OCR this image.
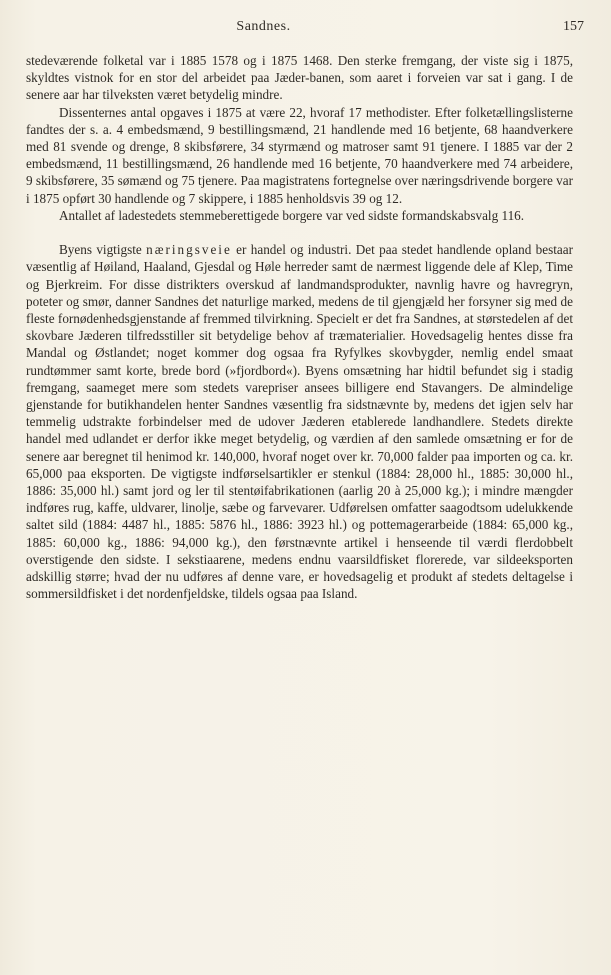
Sandnes.	157

stedeværende folketal var i 1885 1578 og i 1875 1468. Den sterke fremgang, der viste sig i 1875, skyldtes vistnok for en stor del arbeidet paa Jæder-banen, som aaret i forveien var sat i gang. I de senere aar har tilveksten været betydelig mindre.

Dissenternes antal opgaves i 1875 at være 22, hvoraf 17 methodister. Efter folketællingslisterne fandtes der s. a. 4 embedsmænd, 9 bestillingsmænd, 21 handlende med 16 betjente, 68 haandverkere med 81 svende og drenge, 8 skibsførere, 34 styrmænd og matroser samt 91 tjenere. I 1885 var der 2 embedsmænd, 11 bestillingsmænd, 26 handlende med 16 betjente, 70 haandverkere med 74 arbeidere, 9 skibsførere, 35 sømænd og 75 tjenere. Paa magistratens fortegnelse over næringsdrivende borgere var i 1875 opført 30 handlende og 7 skippere, i 1885 henholdsvis 39 og 12.

Antallet af ladestedets stemmeberettigede borgere var ved sidste formandskabsvalg 116.

Byens vigtigste næringsveie er handel og industri. Det paa stedet handlende opland bestaar væsentlig af Høiland, Haaland, Gjesdal og Høle herreder samt de nærmest liggende dele af Klep, Time og Bjerkreim. For disse distrikters overskud af landmandsprodukter, navnlig havre og havregryn, poteter og smør, danner Sandnes det naturlige marked, medens de til gjengjæld her forsyner sig med de fleste fornødenhedsgjenstande af fremmed tilvirkning. Specielt er det fra Sandnes, at størstedelen af det skovbare Jæderen tilfredsstiller sit betydelige behov af træmaterialier. Hovedsagelig hentes disse fra Mandal og Østlandet; noget kommer dog ogsaa fra Ryfylkes skovbygder, nemlig endel smaat rundtømmer samt korte, brede bord (»fjordbord«). Byens omsætning har hidtil befundet sig i stadig fremgang, saameget mere som stedets varepriser ansees billigere end Stavangers. De almindelige gjenstande for butikhandelen henter Sandnes væsentlig fra sidstnævnte by, medens det igjen selv har temmelig udstrakte forbindelser med de udover Jæderen etablerede landhandlere. Stedets direkte handel med udlandet er derfor ikke meget betydelig, og værdien af den samlede omsætning er for de senere aar beregnet til henimod kr. 140,000, hvoraf noget over kr. 70,000 falder paa importen og ca. kr. 65,000 paa eksporten. De vigtigste indførselsartikler er stenkul (1884: 28,000 hl., 1885: 30,000 hl., 1886: 35,000 hl.) samt jord og ler til stentøifabrikationen (aarlig 20 à 25,000 kg.); i mindre mængder indføres rug, kaffe, uldvarer, linolje, sæbe og farvevarer. Udførelsen omfatter saagodtsom udelukkende saltet sild (1884: 4487 hl., 1885: 5876 hl., 1886: 3923 hl.) og pottemagerarbeide (1884: 65,000 kg., 1885: 60,000 kg., 1886: 94,000 kg.), den førstnævnte artikel i henseende til værdi flerdobbelt overstigende den sidste. I sekstiaarene, medens endnu vaarsildfisket florerede, var sildeeksporten adskillig større; hvad der nu udføres af denne vare, er hovedsagelig et produkt af stedets deltagelse i sommersildfisket i det nordenfjeldske, tildels ogsaa paa Island.
